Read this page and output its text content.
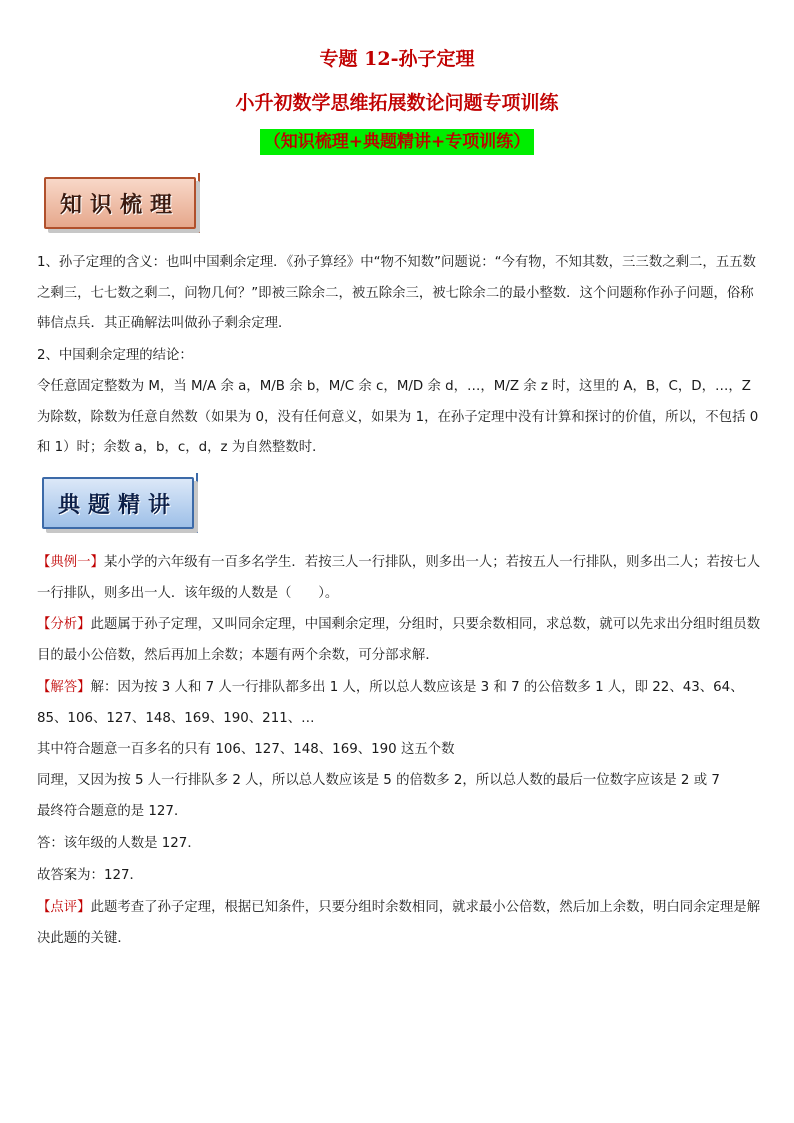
专题 12-孙子定理
小升初数学思维拓展数论问题专项训练
（知识梳理+典题精讲+专项训练）
知识梳理
1、孙子定理的含义：也叫中国剩余定理．《孙子算经》中“物不知数”问题说：“今有物，不知其数，三三数之剩二，五五数之剩三，七七数之剩二，问物几何？”即被三除余二，被五除余三，被七除余二的最小整数．这个问题称作孙子问题，俗称韩信点兵．其正确解法叫做孙子剩余定理．
2、中国剩余定理的结论：
令任意固定整数为 M，当 M/A 余 a，M/B 余 b，M/C 余 c，M/D 余 d，…，M/Z 余 z 时，这里的 A，B，C，D，…，Z 为除数，除数为任意自然数（如果为 0，没有任何意义，如果为 1，在孙子定理中没有计算和探讨的价值，所以，不包括 0 和 1）时；余数 a，b，c，d，z 为自然整数时．
典题精讲
【典例一】某小学的六年级有一百多名学生．若按三人一行排队，则多出一人；若按五人一行排队，则多出二人；若按七人一行排队，则多出一人．该年级的人数是（　　）。
【分析】此题属于孙子定理，又叫同余定理，中国剩余定理，分组时，只要余数相同，求总数，就可以先求出分组时组员数目的最小公倍数，然后再加上余数；本题有两个余数，可分部求解．
【解答】解：因为按 3 人和 7 人一行排队都多出 1 人，所以总人数应该是 3 和 7 的公倍数多 1 人，即 22、43、64、85、106、127、148、169、190、211、…
其中符合题意一百多名的只有 106、127、148、169、190 这五个数
同理，又因为按 5 人一行排队多 2 人，所以总人数应该是 5 的倍数多 2，所以总人数的最后一位数字应该是 2 或 7
最终符合题意的是 127．
答：该年级的人数是 127．
故答案为：127．
【点评】此题考查了孙子定理，根据已知条件，只要分组时余数相同，就求最小公倍数，然后加上余数，明白同余定理是解决此题的关键．
